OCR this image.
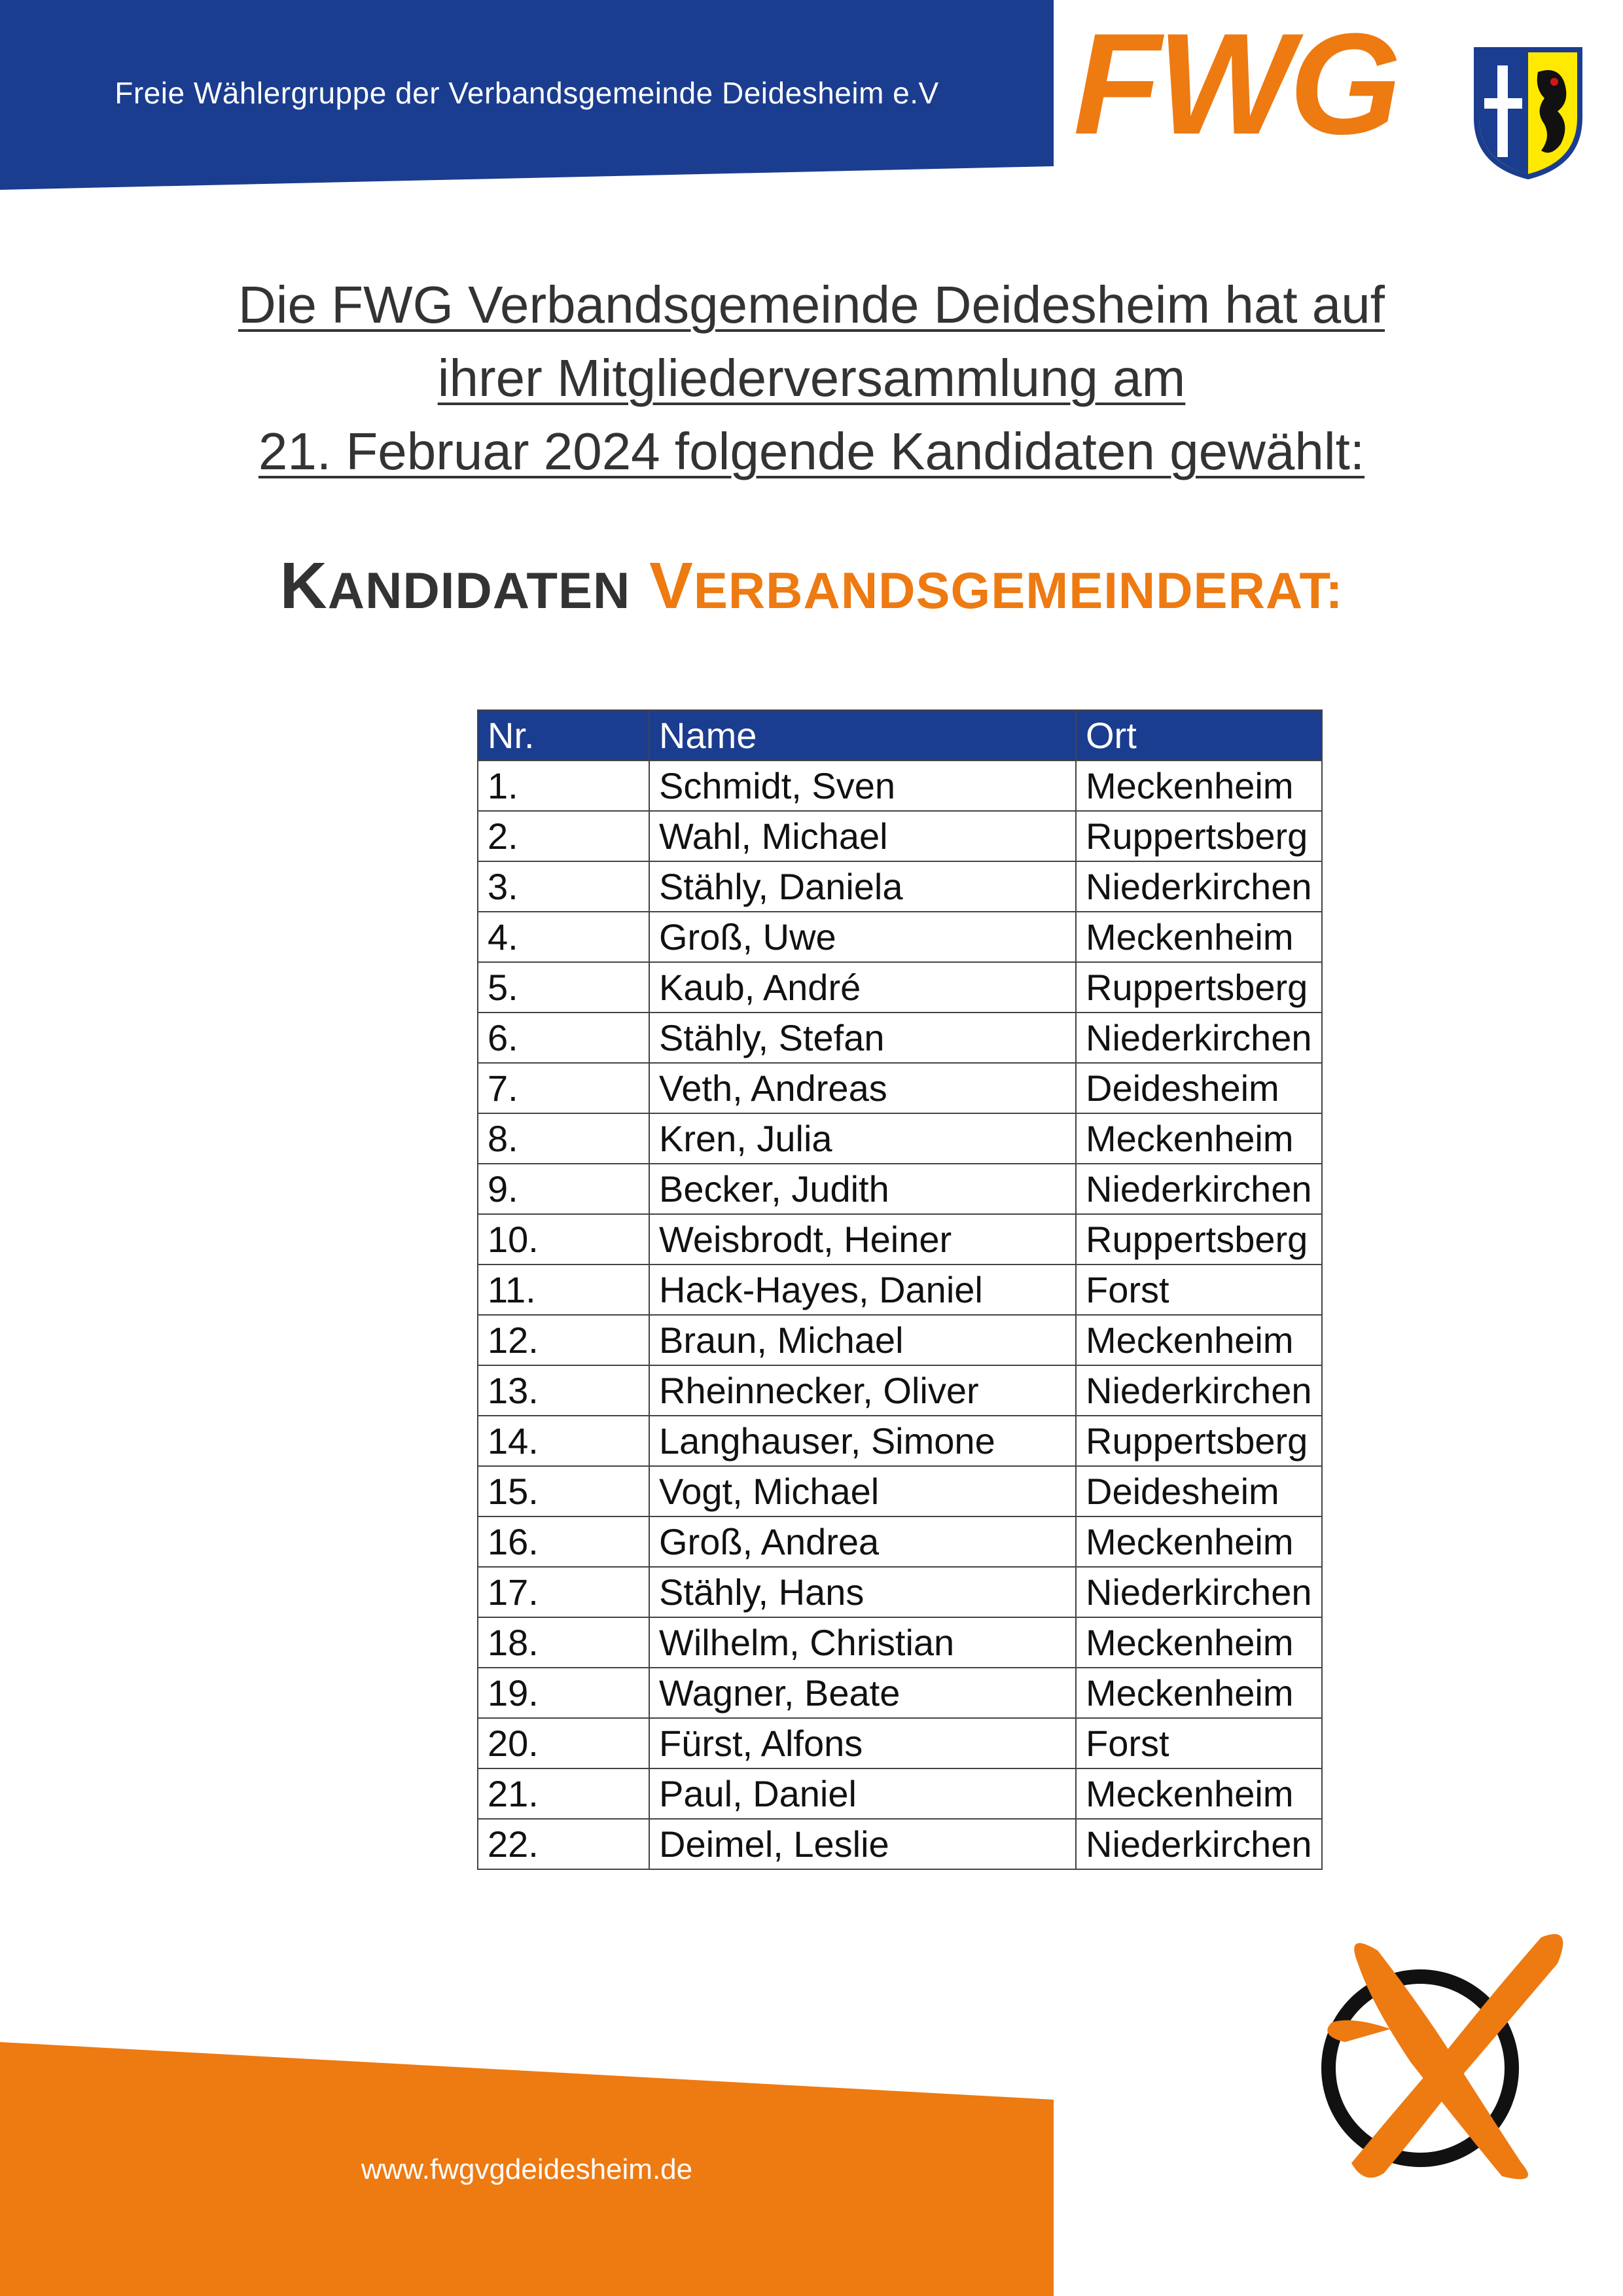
Freie Wählergruppe der Verbandsgemeinde Deidesheim e.V FWG
Die FWG Verbandsgemeinde Deidesheim hat auf
ihrer Mitgliederversammlung am
21. Februar 2024 folgende Kandidaten gewählt:
KANDIDATEN VERBANDSGEMEINDERAT:
Nr.	Name	Ort
1.	Schmidt, Sven	Meckenheim
2.	Wahl, Michael	Ruppertsberg
3.	Stähly, Daniela	Niederkirchen
4.	Groß, Uwe	Meckenheim
5.	Kaub, André	Ruppertsberg
6.	Stähly, Stefan	Niederkirchen
7.	Veth, Andreas	Deidesheim
8.	Kren, Julia	Meckenheim
9.	Becker, Judith	Niederkirchen
10.	Weisbrodt, Heiner	Ruppertsberg
11.	Hack-Hayes, Daniel	Forst
12.	Braun, Michael	Meckenheim
13.	Rheinnecker, Oliver	Niederkirchen
14.	Langhauser, Simone	Ruppertsberg
15.	Vogt, Michael	Deidesheim
16.	Groß, Andrea	Meckenheim
17.	Stähly, Hans	Niederkirchen
18.	Wilhelm, Christian	Meckenheim
19.	Wagner, Beate	Meckenheim
20.	Fürst, Alfons	Forst
21.	Paul, Daniel	Meckenheim
22.	Deimel, Leslie	Niederkirchen
www.fwgvgdeidesheim.de
